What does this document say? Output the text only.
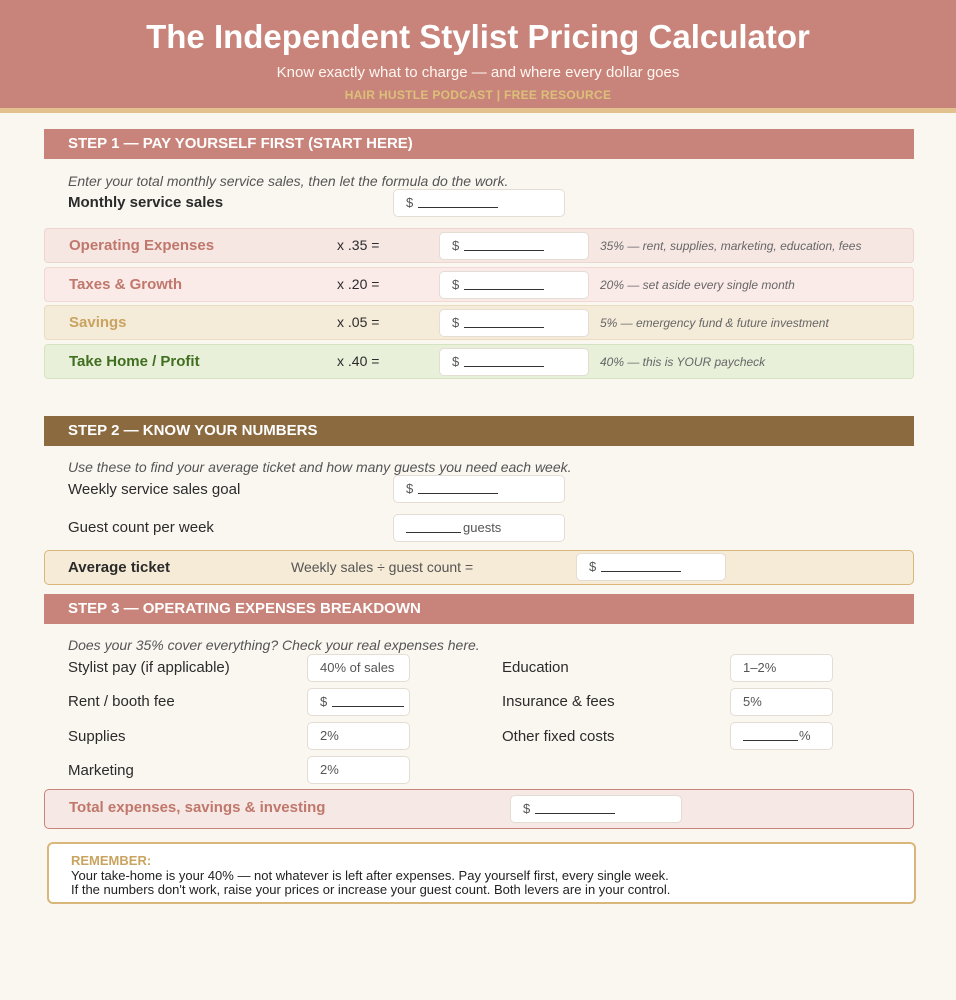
The Independent Stylist Pricing Calculator
Know exactly what to charge — and where every dollar goes
HAIR HUSTLE PODCAST | FREE RESOURCE
STEP 1 — PAY YOURSELF FIRST (START HERE)
Enter your total monthly service sales, then let the formula do the work.
Monthly service sales	$
Operating Expenses	x .35 =	$	35% — rent, supplies, marketing, education, fees
Taxes & Growth	x .20 =	$	20% — set aside every single month
Savings	x .05 =	$	5% — emergency fund & future investment
Take Home / Profit	x .40 =	$	40% — this is YOUR paycheck
STEP 2 — KNOW YOUR NUMBERS
Use these to find your average ticket and how many guests you need each week.
Weekly service sales goal	$
Guest count per week	guests
Average ticket	Weekly sales ÷ guest count =	$
STEP 3 — OPERATING EXPENSES BREAKDOWN
Does your 35% cover everything? Check your real expenses here.
Stylist pay (if applicable)	40% of sales
Rent / booth fee	$
Supplies	2%
Marketing	2%
Education	1–2%
Insurance & fees	5%
Other fixed costs	%
Total expenses, savings & investing	$
REMEMBER:
Your take-home is your 40% — not whatever is left after expenses. Pay yourself first, every single week.
If the numbers don't work, raise your prices or increase your guest count. Both levers are in your control.
